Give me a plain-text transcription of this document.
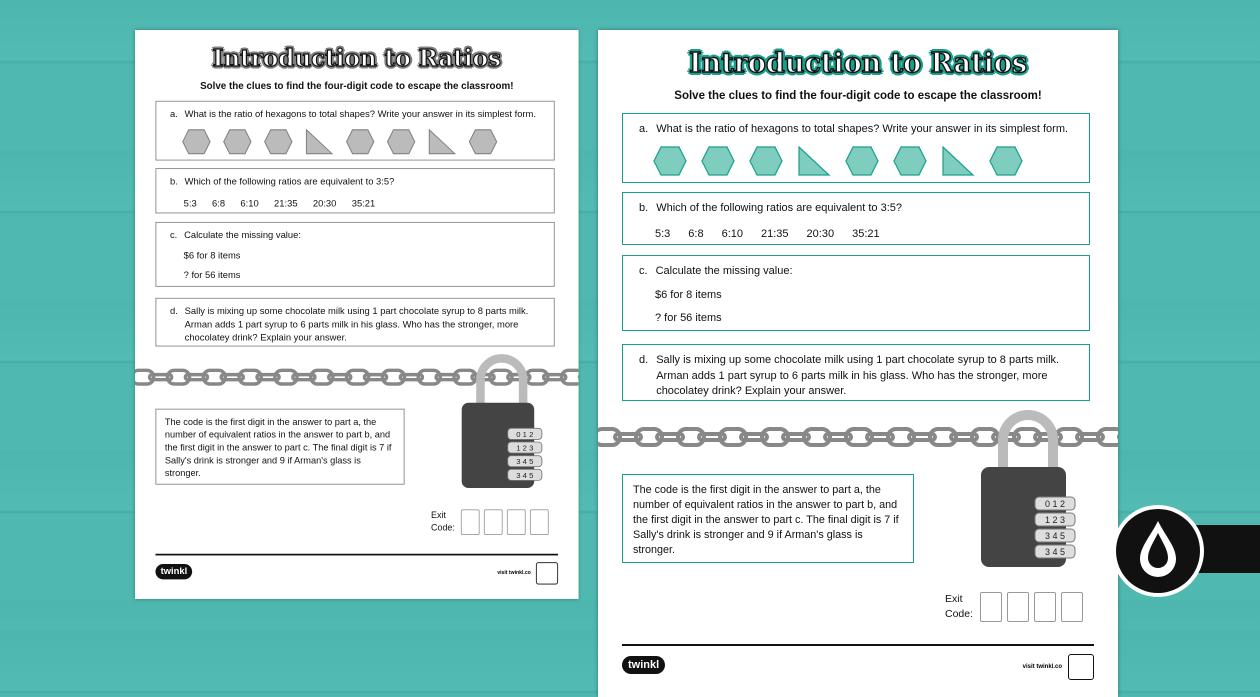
Introduction to Ratios
Solve the clues to find the four-digit code to escape the classroom!
a. What is the ratio of hexagons to total shapes? Write your answer in its simplest form.
b. Which of the following ratios are equivalent to 3:5?
5:3 6:8 6:10 21:35 20:30 35:21
c. Calculate the missing value:
$6 for 8 items
? for 56 items
d. Sally is mixing up some chocolate milk using 1 part chocolate syrup to 8 parts milk. Arman adds 1 part syrup to 6 parts milk in his glass. Who has the stronger, more chocolatey drink? Explain your answer.
The code is the first digit in the answer to part a, the number of equivalent ratios in the answer to part b, and the first digit in the answer to part c. The final digit is 7 if Sally's drink is stronger and 9 if Arman's glass is stronger.
0 1 2
1 2 3
3 4 5
3 4 5
Exit
Code:
twinkl	visit twinkl.co
Introduction to Ratios
Solve the clues to find the four-digit code to escape the classroom!
a. What is the ratio of hexagons to total shapes? Write your answer in its simplest form.
b. Which of the following ratios are equivalent to 3:5?
5:3 6:8 6:10 21:35 20:30 35:21
c. Calculate the missing value:
$6 for 8 items
? for 56 items
d. Sally is mixing up some chocolate milk using 1 part chocolate syrup to 8 parts milk. Arman adds 1 part syrup to 6 parts milk in his glass. Who has the stronger, more chocolatey drink? Explain your answer.
The code is the first digit in the answer to part a, the number of equivalent ratios in the answer to part b, and the first digit in the answer to part c. The final digit is 7 if Sally's drink is stronger and 9 if Arman's glass is stronger.
0 1 2
1 2 3
3 4 5
3 4 5
Exit
Code:
twinkl	visit twinkl.co
